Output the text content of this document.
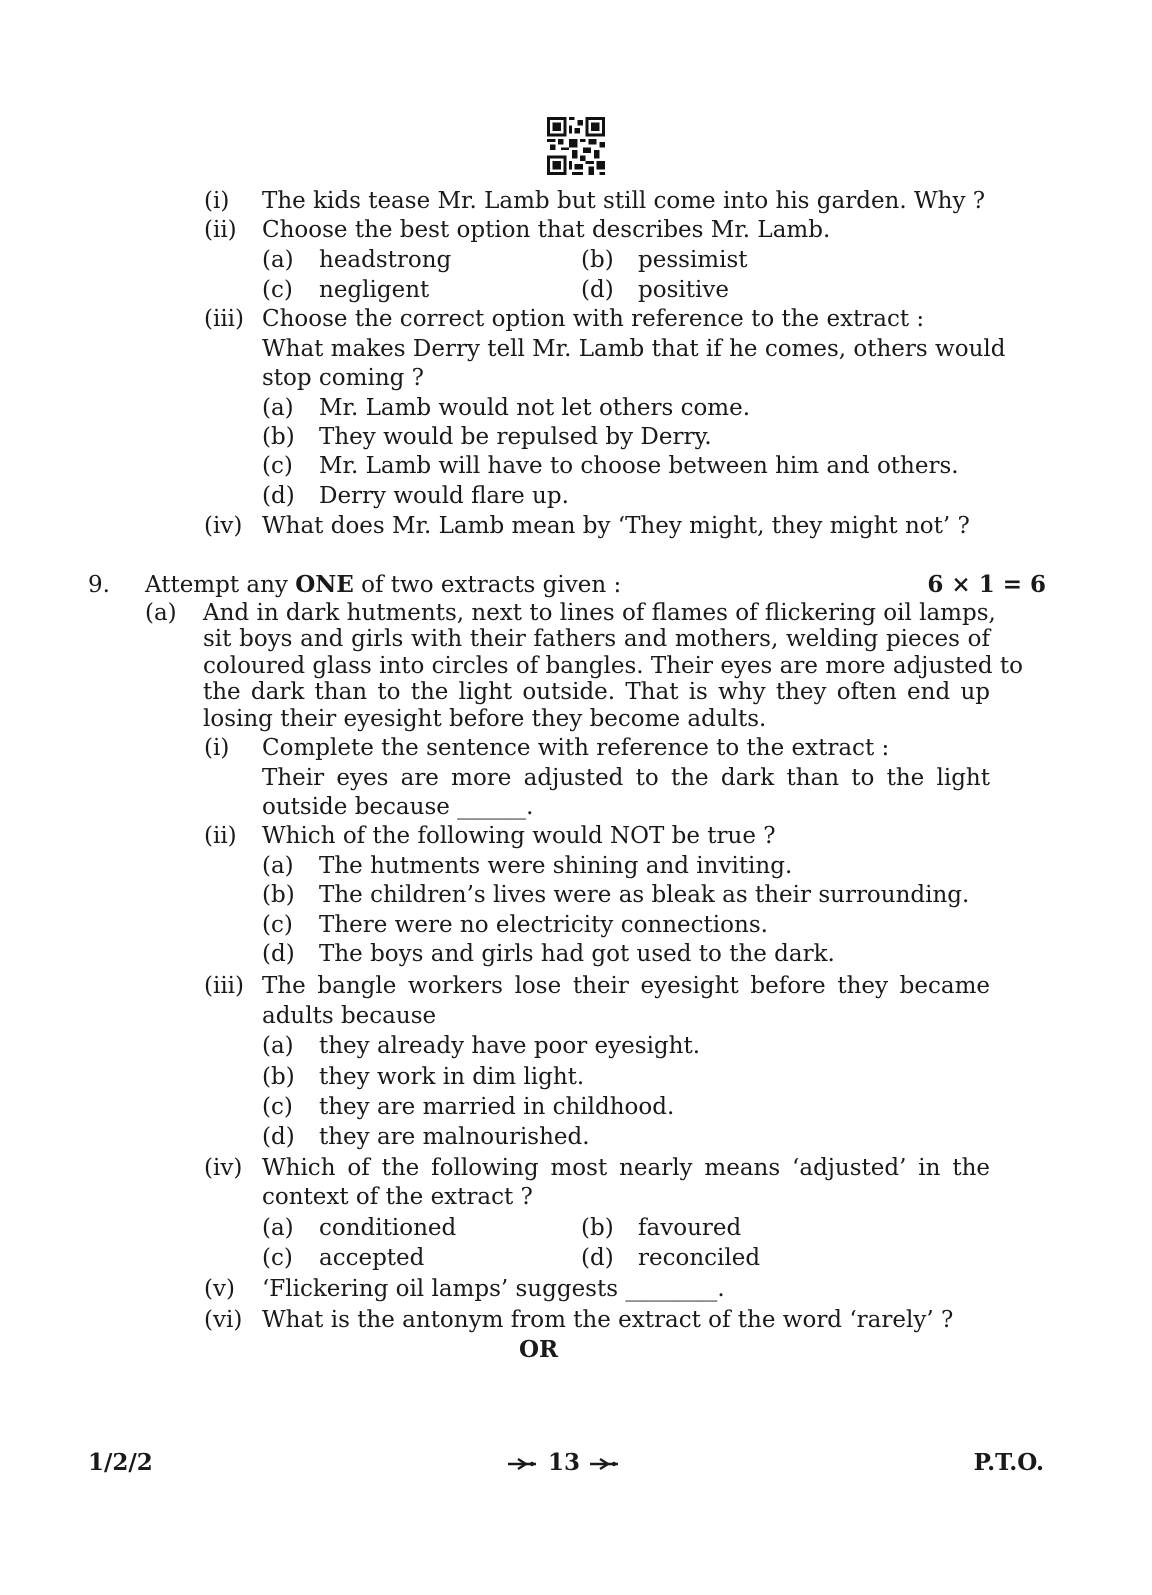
(i) The kids tease Mr. Lamb but still come into his garden. Why ?
(ii) Choose the best option that describes Mr. Lamb.
(a) headstrong	(b) pessimist
(c) negligent	(d) positive
(iii) Choose the correct option with reference to the extract :
What makes Derry tell Mr. Lamb that if he comes, others would
stop coming ?
(a) Mr. Lamb would not let others come.
(b) They would be repulsed by Derry.
(c) Mr. Lamb will have to choose between him and others.
(d) Derry would flare up.
(iv) What does Mr. Lamb mean by ‘They might, they might not’ ?
9. Attempt any ONE of two extracts given :	6 × 1 = 6
(a) And in dark hutments, next to lines of flames of flickering oil lamps,
sit boys and girls with their fathers and mothers, welding pieces of
coloured glass into circles of bangles. Their eyes are more adjusted to
the dark than to the light outside. That is why they often end up
losing their eyesight before they become adults.
(i) Complete the sentence with reference to the extract :
Their eyes are more adjusted to the dark than to the light
outside because ______.
(ii) Which of the following would NOT be true ?
(a) The hutments were shining and inviting.
(b) The children’s lives were as bleak as their surrounding.
(c) There were no electricity connections.
(d) The boys and girls had got used to the dark.
(iii) The bangle workers lose their eyesight before they became
adults because
(a) they already have poor eyesight.
(b) they work in dim light.
(c) they are married in childhood.
(d) they are malnourished.
(iv) Which of the following most nearly means ‘adjusted’ in the
context of the extract ?
(a) conditioned	(b) favoured
(c) accepted	(d) reconciled
(v) ‘Flickering oil lamps’ suggests ________.
(vi) What is the antonym from the extract of the word ‘rarely’ ?
OR
1/2/2	13	P.T.O.
